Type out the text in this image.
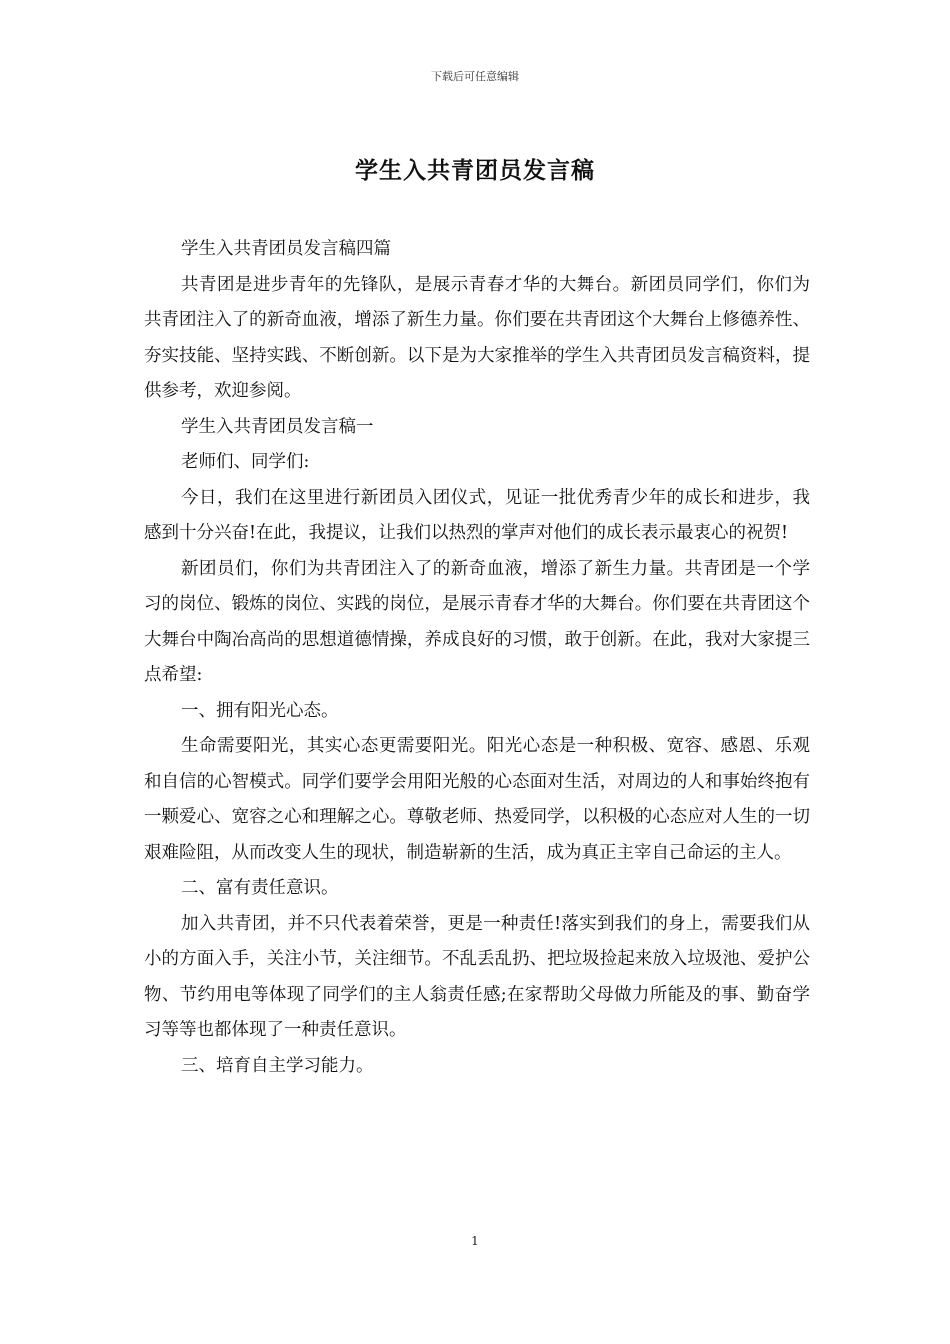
下载后可任意编辑
学生入共青团员发言稿

学生入共青团员发言稿四篇

共青团是进步青年的先锋队，是展示青春才华的大舞台。新团员同学们，你们为共青团注入了的新奇血液，增添了新生力量。你们要在共青团这个大舞台上修德养性、夯实技能、坚持实践、不断创新。以下是为大家推举的学生入共青团员发言稿资料，提供参考，欢迎参阅。

学生入共青团员发言稿一

老师们、同学们:

今日，我们在这里进行新团员入团仪式，见证一批优秀青少年的成长和进步，我感到十分兴奋!在此，我提议，让我们以热烈的掌声对他们的成长表示最衷心的祝贺!

新团员们，你们为共青团注入了的新奇血液，增添了新生力量。共青团是一个学习的岗位、锻炼的岗位、实践的岗位，是展示青春才华的大舞台。你们要在共青团这个大舞台中陶冶高尚的思想道德情操，养成良好的习惯，敢于创新。在此，我对大家提三点希望:

一、拥有阳光心态。

生命需要阳光，其实心态更需要阳光。阳光心态是一种积极、宽容、感恩、乐观和自信的心智模式。同学们要学会用阳光般的心态面对生活，对周边的人和事始终抱有一颗爱心、宽容之心和理解之心。尊敬老师、热爱同学，以积极的心态应对人生的一切艰难险阻，从而改变人生的现状，制造崭新的生活，成为真正主宰自己命运的主人。

二、富有责任意识。

加入共青团，并不只代表着荣誉，更是一种责任!落实到我们的身上，需要我们从小的方面入手，关注小节，关注细节。不乱丢乱扔、把垃圾捡起来放入垃圾池、爱护公物、节约用电等体现了同学们的主人翁责任感;在家帮助父母做力所能及的事、勤奋学习等等也都体现了一种责任意识。

三、培育自主学习能力。

1
